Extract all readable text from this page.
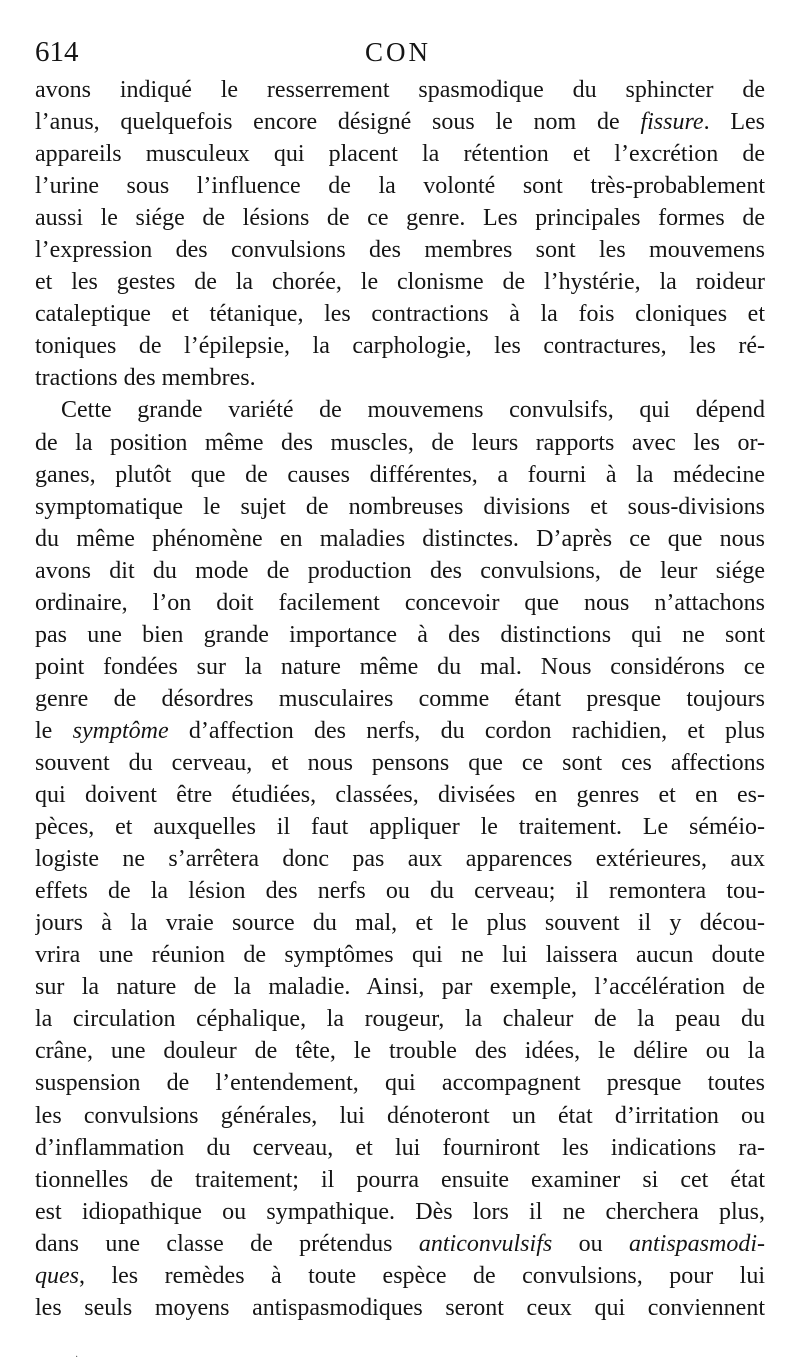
614	CON
avons indiqué le resserrement spasmodique du sphincter de
l’anus, quelquefois encore désigné sous le nom de fissure. Les
appareils musculeux qui placent la rétention et l’excrétion de
l’urine sous l’influence de la volonté sont très-probablement
aussi le siége de lésions de ce genre. Les principales formes de
l’expression des convulsions des membres sont les mouvemens
et les gestes de la chorée, le clonisme de l’hystérie, la roideur
cataleptique et tétanique, les contractions à la fois cloniques et
toniques de l’épilepsie, la carphologie, les contractures, les ré-
tractions des membres.
Cette grande variété de mouvemens convulsifs, qui dépend
de la position même des muscles, de leurs rapports avec les or-
ganes, plutôt que de causes différentes, a fourni à la médecine
symptomatique le sujet de nombreuses divisions et sous-divisions
du même phénomène en maladies distinctes. D’après ce que nous
avons dit du mode de production des convulsions, de leur siége
ordinaire, l’on doit facilement concevoir que nous n’attachons
pas une bien grande importance à des distinctions qui ne sont
point fondées sur la nature même du mal. Nous considérons ce
genre de désordres musculaires comme étant presque toujours
le symptôme d’affection des nerfs, du cordon rachidien, et plus
souvent du cerveau, et nous pensons que ce sont ces affections
qui doivent être étudiées, classées, divisées en genres et en es-
pèces, et auxquelles il faut appliquer le traitement. Le séméio-
logiste ne s’arrêtera donc pas aux apparences extérieures, aux
effets de la lésion des nerfs ou du cerveau; il remontera tou-
jours à la vraie source du mal, et le plus souvent il y décou-
vrira une réunion de symptômes qui ne lui laissera aucun doute
sur la nature de la maladie. Ainsi, par exemple, l’accélération de
la circulation céphalique, la rougeur, la chaleur de la peau du
crâne, une douleur de tête, le trouble des idées, le délire ou la
suspension de l’entendement, qui accompagnent presque toutes
les convulsions générales, lui dénoteront un état d’irritation ou
d’inflammation du cerveau, et lui fourniront les indications ra-
tionnelles de traitement; il pourra ensuite examiner si cet état
est idiopathique ou sympathique. Dès lors il ne cherchera plus,
dans une classe de prétendus anticonvulsifs ou antispasmodi-
ques, les remèdes à toute espèce de convulsions, pour lui
les seuls moyens antispasmodiques seront ceux qui conviennent
·
